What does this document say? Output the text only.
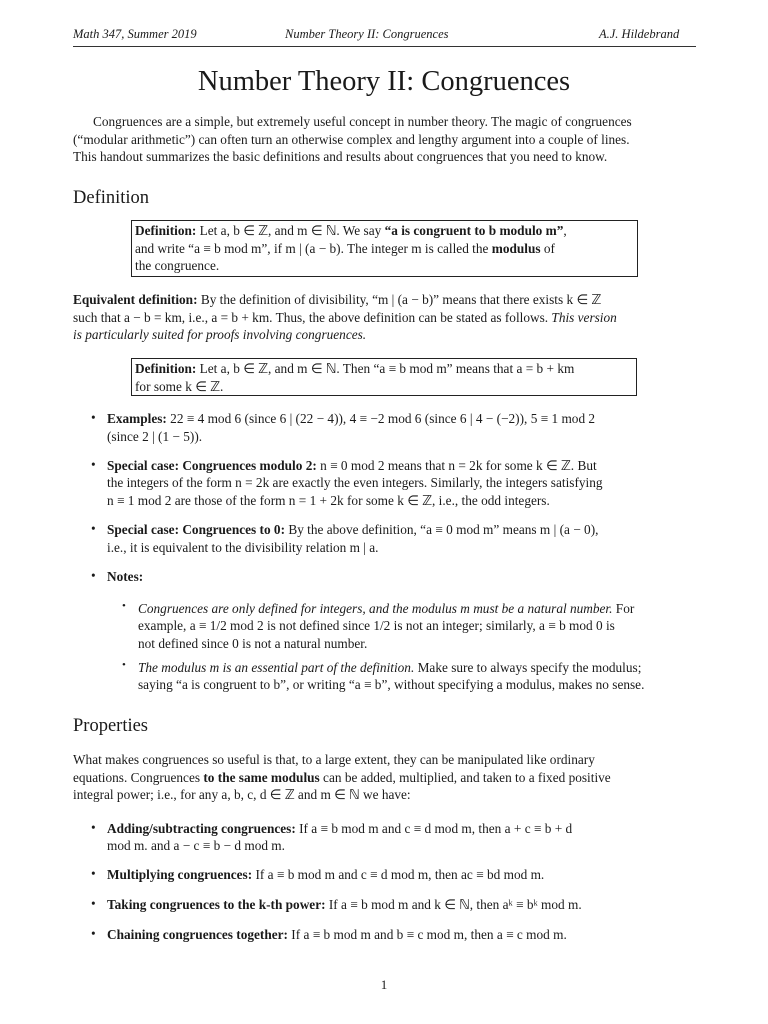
Math 347, Summer 2019	Number Theory II: Congruences	A.J. Hildebrand
Number Theory II: Congruences
Congruences are a simple, but extremely useful concept in number theory. The magic of congruences
(“modular arithmetic”) can often turn an otherwise complex and lengthy argument into a couple of lines.
This handout summarizes the basic definitions and results about congruences that you need to know.
Definition
Definition: Let a, b ∈ ℤ, and m ∈ ℕ. We say “a is congruent to b modulo m”,
and write “a ≡ b mod m”, if m | (a − b). The integer m is called the modulus of
the congruence.
Equivalent definition: By the definition of divisibility, “m | (a − b)” means that there exists k ∈ ℤ
such that a − b = km, i.e., a = b + km. Thus, the above definition can be stated as follows. This version
is particularly suited for proofs involving congruences.
Definition: Let a, b ∈ ℤ, and m ∈ ℕ. Then “a ≡ b mod m” means that a = b + km
for some k ∈ ℤ.
• Examples: 22 ≡ 4 mod 6 (since 6 | (22 − 4)), 4 ≡ −2 mod 6 (since 6 | 4 − (−2)), 5 ≡ 1 mod 2
(since 2 | (1 − 5)).
• Special case: Congruences modulo 2: n ≡ 0 mod 2 means that n = 2k for some k ∈ ℤ. But
the integers of the form n = 2k are exactly the even integers. Similarly, the integers satisfying
n ≡ 1 mod 2 are those of the form n = 1 + 2k for some k ∈ ℤ, i.e., the odd integers.
• Special case: Congruences to 0: By the above definition, “a ≡ 0 mod m” means m | (a − 0),
i.e., it is equivalent to the divisibility relation m | a.
• Notes:
• Congruences are only defined for integers, and the modulus m must be a natural number. For
example, a ≡ 1/2 mod 2 is not defined since 1/2 is not an integer; similarly, a ≡ b mod 0 is
not defined since 0 is not a natural number.
• The modulus m is an essential part of the definition. Make sure to always specify the modulus;
saying “a is congruent to b”, or writing “a ≡ b”, without specifying a modulus, makes no sense.
Properties
What makes congruences so useful is that, to a large extent, they can be manipulated like ordinary
equations. Congruences to the same modulus can be added, multiplied, and taken to a fixed positive
integral power; i.e., for any a, b, c, d ∈ ℤ and m ∈ ℕ we have:
• Adding/subtracting congruences: If a ≡ b mod m and c ≡ d mod m, then a + c ≡ b + d
mod m. and a − c ≡ b − d mod m.
• Multiplying congruences: If a ≡ b mod m and c ≡ d mod m, then ac ≡ bd mod m.
• Taking congruences to the k-th power: If a ≡ b mod m and k ∈ ℕ, then aᵏ ≡ bᵏ mod m.
• Chaining congruences together: If a ≡ b mod m and b ≡ c mod m, then a ≡ c mod m.
1
